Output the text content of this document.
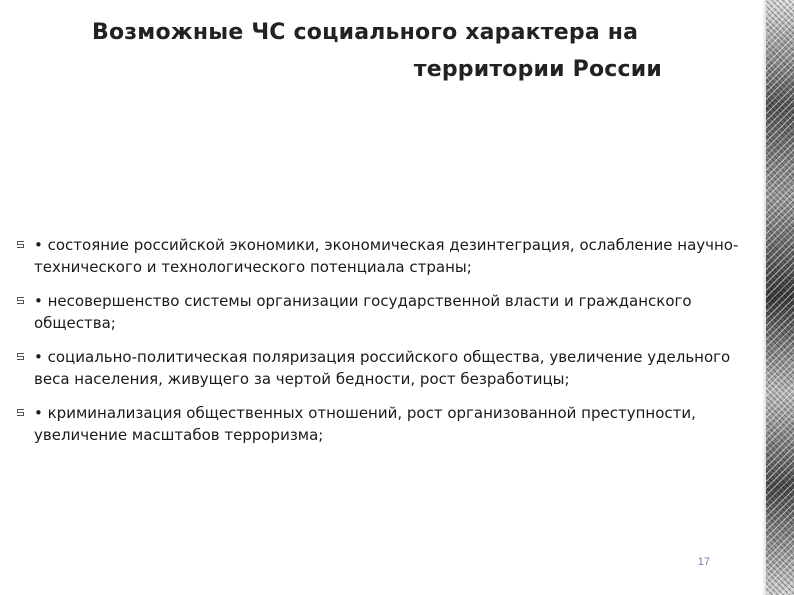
Возможные ЧС социального характера на
территории России
• состояние российской экономики, экономическая дезинтеграция, ослабление научно-технического и технологического потенциала страны;
• несовершенство системы организации государственной власти и гражданского общества;
• социально-политическая поляризация российского общества, увеличение удельного веса населения, живущего за чертой бедности, рост безработицы;
• криминализация общественных отношений, рост организованной преступности, увеличение масштабов терроризма;
17
